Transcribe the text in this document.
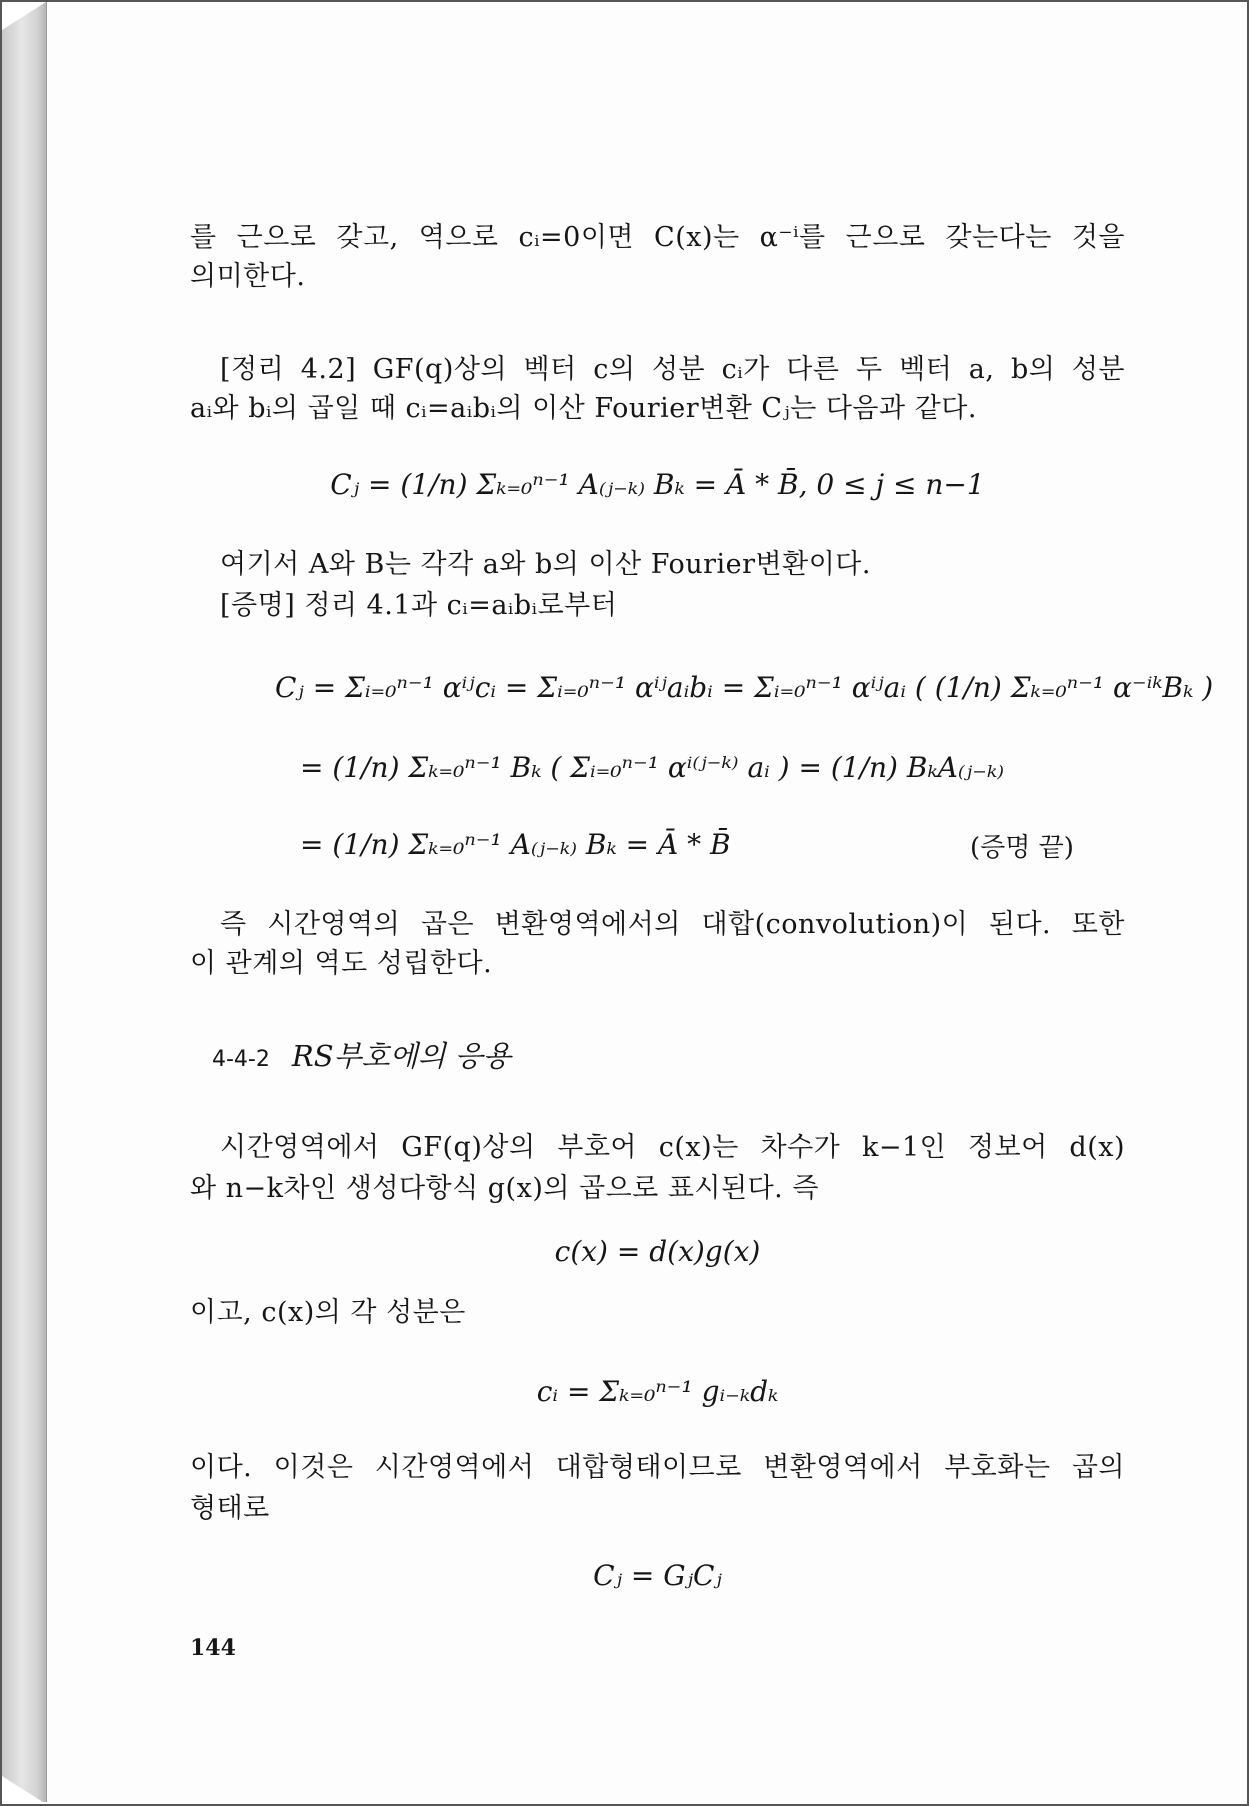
를 근으로 갖고, 역으로 cᵢ=0이면 C(x)는 α⁻ⁱ를 근으로 갖는다는 것을
의미한다.
[정리 4.2] GF(q)상의 벡터 c의 성분 cᵢ가 다른 두 벡터 a, b의 성분
aᵢ와 bᵢ의 곱일 때 cᵢ=aᵢbᵢ의 이산 Fourier변환 Cⱼ는 다음과 같다.
Cⱼ = (1/n) Σₖ₌₀ⁿ⁻¹ A₍ⱼ₋ₖ₎ Bₖ = Ā * B̄, 0 ≤ j ≤ n−1
여기서 A와 B는 각각 a와 b의 이산 Fourier변환이다.
[증명] 정리 4.1과 cᵢ=aᵢbᵢ로부터
Cⱼ = Σᵢ₌₀ⁿ⁻¹ αⁱʲcᵢ = Σᵢ₌₀ⁿ⁻¹ αⁱʲaᵢbᵢ = Σᵢ₌₀ⁿ⁻¹ αⁱʲaᵢ ( (1/n) Σₖ₌₀ⁿ⁻¹ α⁻ⁱᵏBₖ )
= (1/n) Σₖ₌₀ⁿ⁻¹ Bₖ ( Σᵢ₌₀ⁿ⁻¹ αⁱ⁽ʲ⁻ᵏ⁾ aᵢ ) = (1/n) BₖA₍ⱼ₋ₖ₎
= (1/n) Σₖ₌₀ⁿ⁻¹ A₍ⱼ₋ₖ₎ Bₖ = Ā * B̄	(증명 끝)
즉 시간영역의 곱은 변환영역에서의 대합(convolution)이 된다. 또한
이 관계의 역도 성립한다.
4-4-2 RS부호에의 응용
시간영역에서 GF(q)상의 부호어 c(x)는 차수가 k−1인 정보어 d(x)
와 n−k차인 생성다항식 g(x)의 곱으로 표시된다. 즉
c(x) = d(x)g(x)
이고, c(x)의 각 성분은
cᵢ = Σₖ₌₀ⁿ⁻¹ gᵢ₋ₖdₖ
이다. 이것은 시간영역에서 대합형태이므로 변환영역에서 부호화는 곱의
형태로
Cⱼ = GⱼCⱼ
144
